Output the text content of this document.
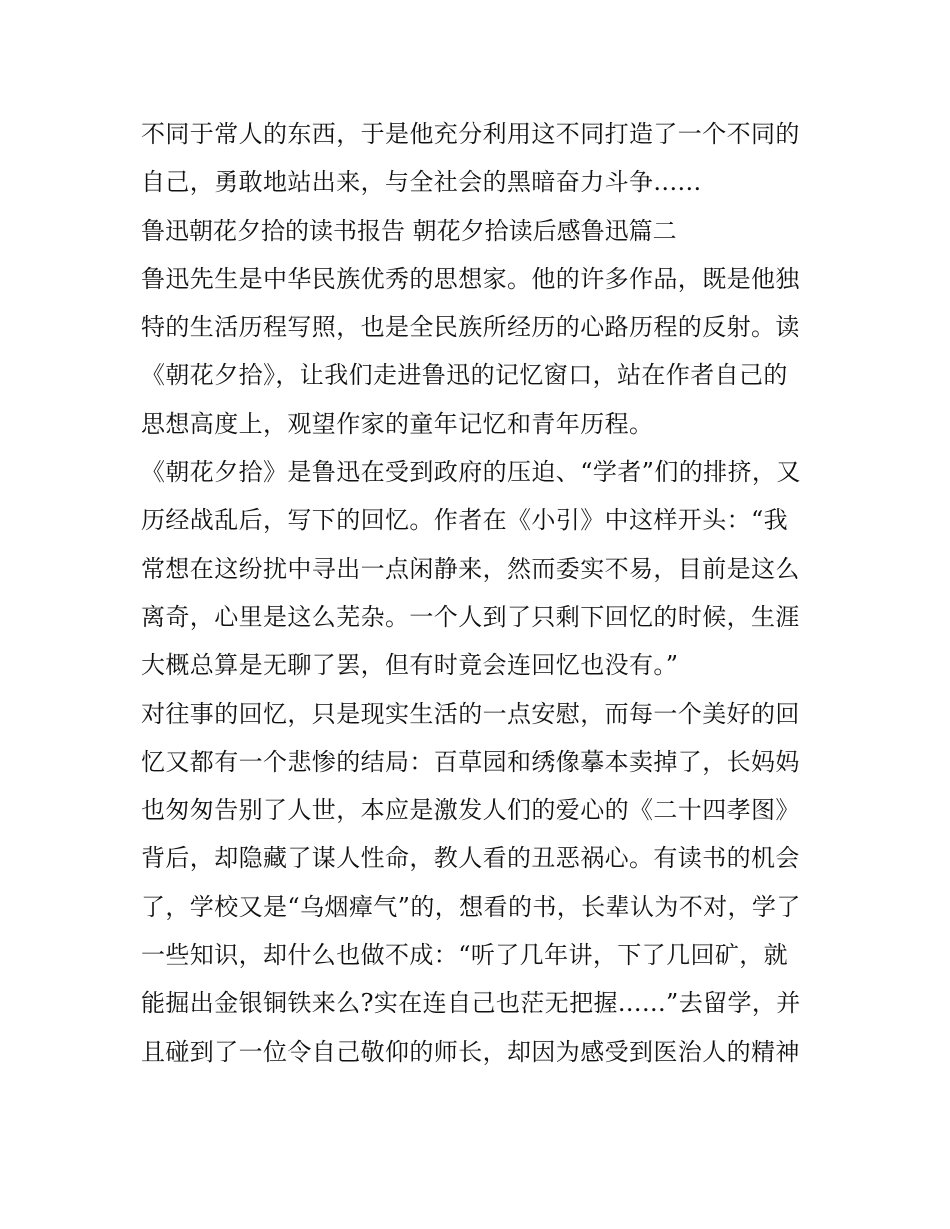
不同于常人的东西，于是他充分利用这不同打造了一个不同的
自己，勇敢地站出来，与全社会的黑暗奋力斗争......
鲁迅朝花夕拾的读书报告 朝花夕拾读后感鲁迅篇二
鲁迅先生是中华民族优秀的思想家。他的许多作品，既是他独
特的生活历程写照，也是全民族所经历的心路历程的反射。读
《朝花夕拾》，让我们走进鲁迅的记忆窗口，站在作者自己的
思想高度上，观望作家的童年记忆和青年历程。
《朝花夕拾》是鲁迅在受到政府的压迫、“学者”们的排挤，又
历经战乱后，写下的回忆。作者在《小引》中这样开头：“我
常想在这纷扰中寻出一点闲静来，然而委实不易，目前是这么
离奇，心里是这么芜杂。一个人到了只剩下回忆的时候，生涯
大概总算是无聊了罢，但有时竟会连回忆也没有。”
对往事的回忆，只是现实生活的一点安慰，而每一个美好的回
忆又都有一个悲惨的结局：百草园和绣像摹本卖掉了，长妈妈
也匆匆告别了人世，本应是激发人们的爱心的《二十四孝图》
背后，却隐藏了谋人性命，教人看的丑恶祸心。有读书的机会
了，学校又是“乌烟瘴气”的，想看的书，长辈认为不对，学了
一些知识，却什么也做不成：“听了几年讲，下了几回矿，就
能掘出金银铜铁来么?实在连自己也茫无把握......”去留学，并
且碰到了一位令自己敬仰的师长，却因为感受到医治人的精神
